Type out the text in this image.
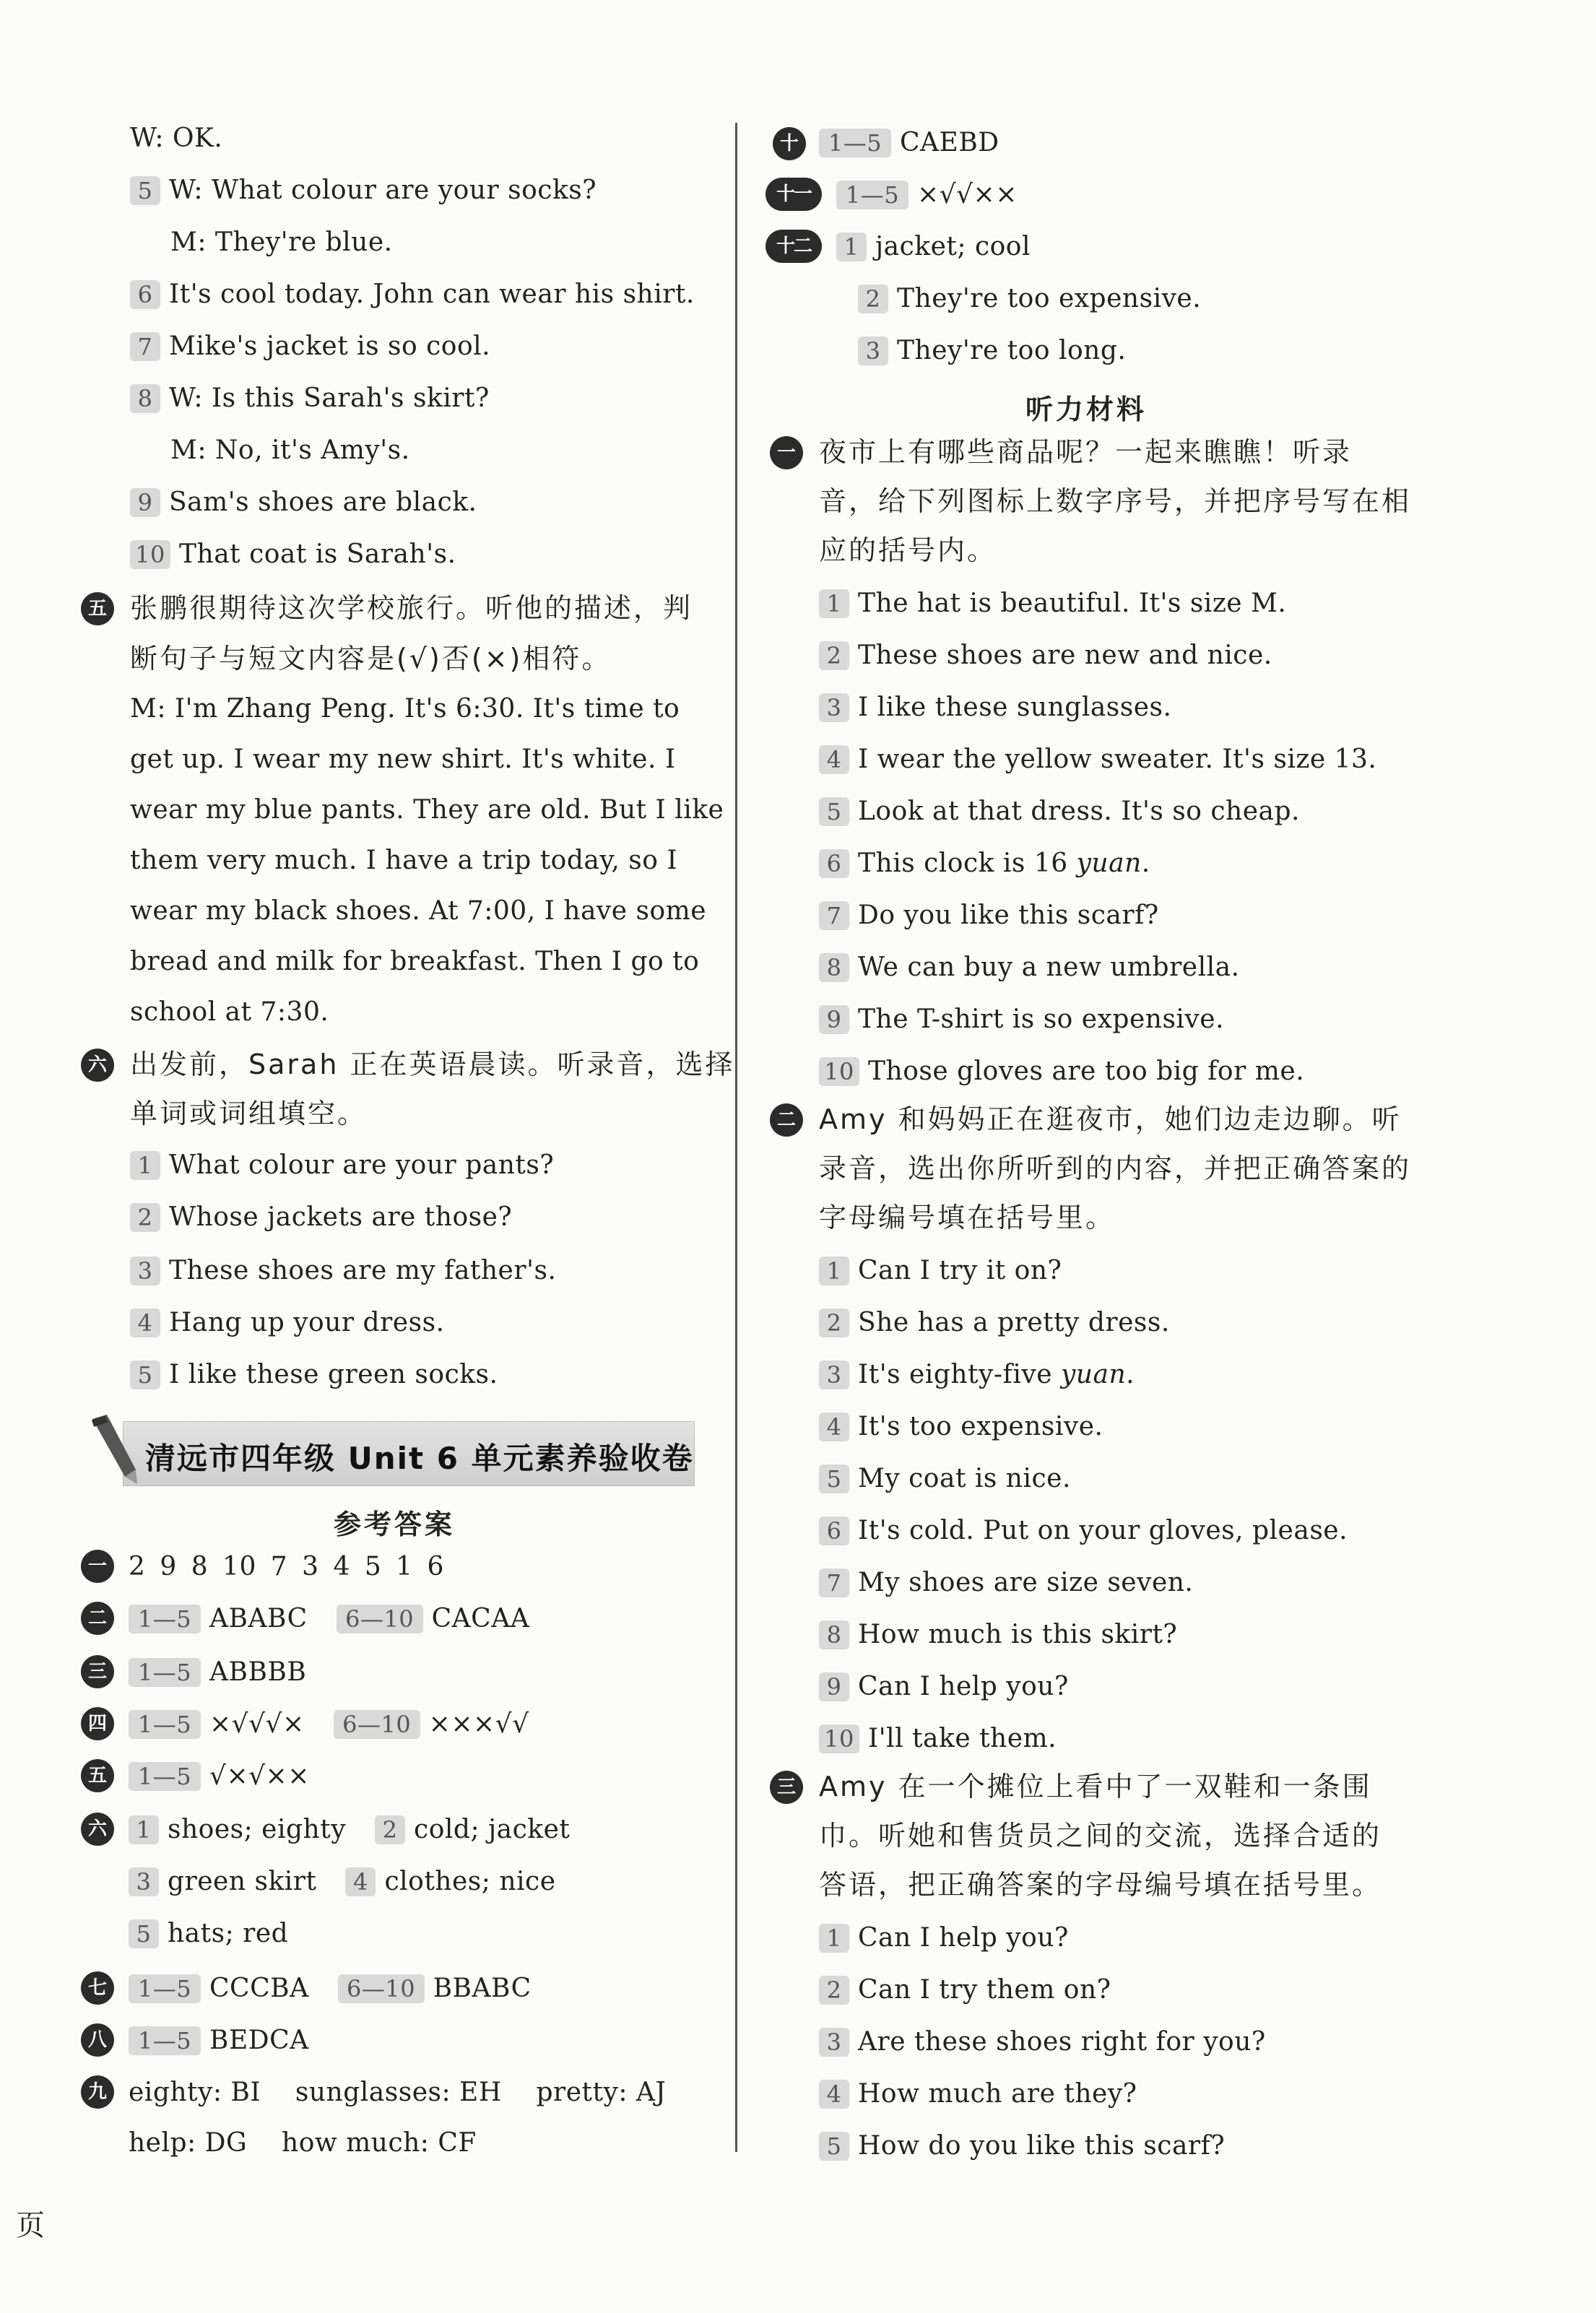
W: OK.
5 W: What colour are your socks?
M: They're blue.
6 It's cool today. John can wear his shirt.
7 Mike's jacket is so cool.
8 W: Is this Sarah's skirt?
M: No, it's Amy's.
9 Sam's shoes are black.
10 That coat is Sarah's.
五 张鹏很期待这次学校旅行。听他的描述，判
断句子与短文内容是(√)否(×)相符。
M: I'm Zhang Peng. It's 6:30. It's time to
get up. I wear my new shirt. It's white. I
wear my blue pants. They are old. But I like
them very much. I have a trip today, so I
wear my black shoes. At 7:00, I have some
bread and milk for breakfast. Then I go to
school at 7:30.
六 出发前，Sarah 正在英语晨读。听录音，选择
单词或词组填空。
1 What colour are your pants?
2 Whose jackets are those?
3 These shoes are my father's.
4 Hang up your dress.
5 I like these green socks.
清远市四年级 Unit 6 单元素养验收卷
参考答案
一 2 9 8 10 7 3 4 5 1 6
二	1—5 ABABC 6—10 CACAA
三	1—5 ABBBB
四	1—5 ×√√√× 6—10 ×××√√
五	1—5 √×√××
六	1 shoes; eighty 2 cold; jacket
3 green skirt 4 clothes; nice
5 hats; red
七	1—5 CCCBA 6—10 BBABC
八	1—5 BEDCA
九 eighty: BI    sunglasses: EH    pretty: AJ
help: DG    how much: CF
页
十	1—5 CAEBD
十一	1—5 ×√√××
十二	1 jacket; cool
2 They're too expensive.
3 They're too long.
听力材料
一 夜市上有哪些商品呢？一起来瞧瞧！听录
音，给下列图标上数字序号，并把序号写在相
应的括号内。
1 The hat is beautiful. It's size M.
2 These shoes are new and nice.
3 I like these sunglasses.
4 I wear the yellow sweater. It's size 13.
5 Look at that dress. It's so cheap.
6 This clock is 16 yuan.
7 Do you like this scarf?
8 We can buy a new umbrella.
9 The T-shirt is so expensive.
10 Those gloves are too big for me.
二 Amy 和妈妈正在逛夜市，她们边走边聊。听
录音，选出你所听到的内容，并把正确答案的
字母编号填在括号里。
1 Can I try it on?
2 She has a pretty dress.
3 It's eighty-five yuan.
4 It's too expensive.
5 My coat is nice.
6 It's cold. Put on your gloves, please.
7 My shoes are size seven.
8 How much is this skirt?
9 Can I help you?
10 I'll take them.
三 Amy 在一个摊位上看中了一双鞋和一条围
巾。听她和售货员之间的交流，选择合适的
答语，把正确答案的字母编号填在括号里。
1 Can I help you?
2 Can I try them on?
3 Are these shoes right for you?
4 How much are they?
5 How do you like this scarf?
